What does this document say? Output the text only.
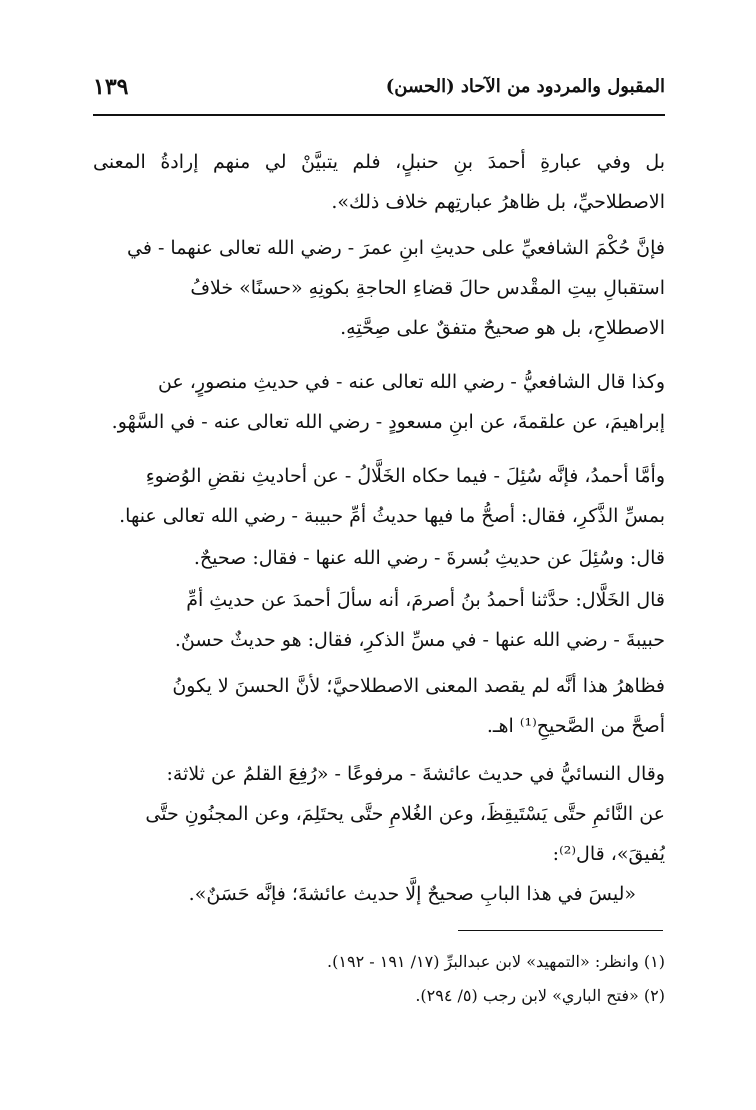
المقبول والمردود من الآحاد (الحسن)
١٣٩
بل وفي عبارةِ أحمدَ بنِ حنبلٍ، فلم يتبيَّنْ لي منهم إرادةُ المعنى
الاصطلاحيِّ، بل ظاهرُ عبارتِهم خلاف ذلك».
فإنَّ حُكْمَ الشافعيِّ على حديثِ ابنِ عمرَ - رضي الله تعالى عنهما - في
استقبالِ بيتِ المقْدس حالَ قضاءِ الحاجةِ بكونِهِ «حسنًا» خلافُ
الاصطلاحِ، بل هو صحيحٌ متفقٌ على صِحَّتِهِ.
وكذا قال الشافعيُّ - رضي الله تعالى عنه - في حديثِ منصورٍ، عن
إبراهيمَ، عن علقمةَ، عن ابنِ مسعودٍ - رضي الله تعالى عنه - في السَّهْو.
وأمَّا أحمدُ، فإنَّه سُئِلَ - فيما حكاه الخَلَّالُ - عن أحاديثِ نقضِ الوُضوءِ
بمسِّ الذَّكرِ، فقال: أصحُّ ما فيها حديثُ أمِّ حبيبة - رضي الله تعالى عنها.
قال: وسُئِلَ عن حديثِ بُسرةَ - رضي الله عنها - فقال: صحيحٌ.
قال الخَلَّال: حدَّثنا أحمدُ بنُ أصرمَ، أنه سألَ أحمدَ عن حديثِ أمِّ
حبيبةَ - رضي الله عنها - في مسِّ الذكرِ، فقال: هو حديثٌ حسنٌ.
فظاهرُ هذا أنَّه لم يقصد المعنى الاصطلاحيَّ؛ لأنَّ الحسنَ لا يكونُ
أصحَّ من الصَّحيحِ⁽¹⁾ اهـ.
وقال النسائيُّ في حديث عائشةَ - مرفوعًا - «رُفِعَ القلمُ عن ثلاثة:
عن النَّائمِ حتَّى يَسْتَيقِظَ، وعن الغُلامِ حتَّى يحتَلِمَ، وعن المجنُونِ حتَّى
يُفيقَ»، قال⁽²⁾:
«ليسَ في هذا البابِ صحيحٌ إلَّا حديث عائشةَ؛ فإنَّه حَسَنٌ».
(١) وانظر: «التمهيد» لابن عبدالبرِّ (١٧/ ١٩١ - ١٩٢).
(٢) «فتح الباري» لابن رجب (٥/ ٢٩٤).
